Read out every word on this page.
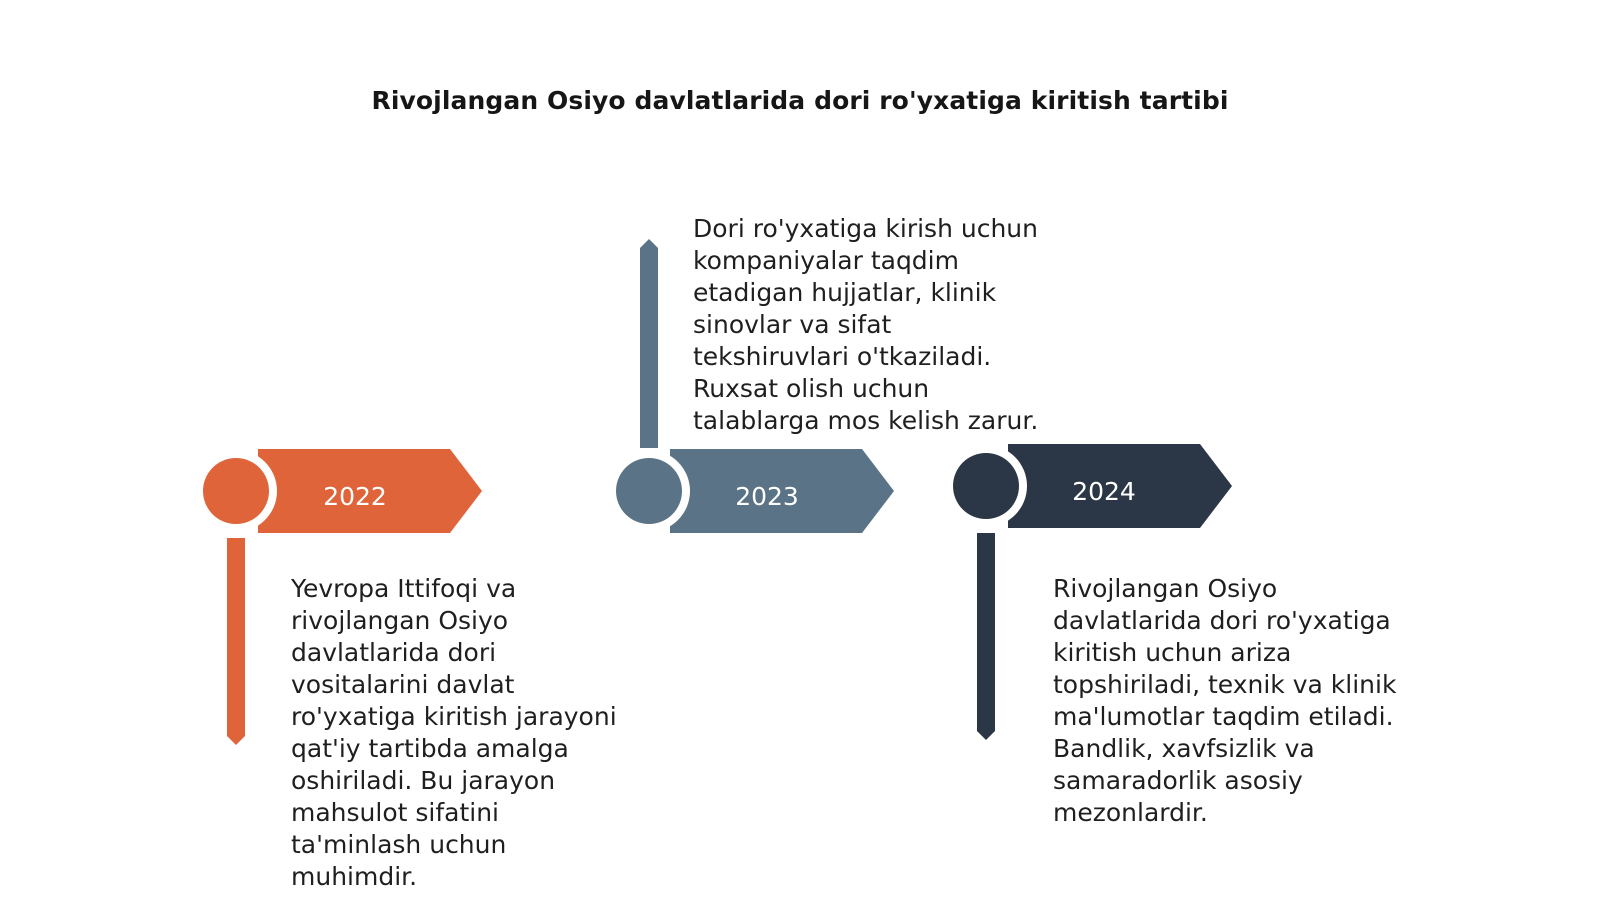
Rivojlangan Osiyo davlatlarida dori ro'yxatiga kiritish tartibi
2022	2023	2024
Yevropa Ittifoqi va rivojlangan Osiyo davlatlarida dori vositalarini davlat ro'yxatiga kiritish jarayoni qat'iy tartibda amalga oshiriladi. Bu jarayon mahsulot sifatini ta'minlash uchun muhimdir.
Dori ro'yxatiga kirish uchun kompaniyalar taqdim etadigan hujjatlar, klinik sinovlar va sifat tekshiruvlari o'tkaziladi. Ruxsat olish uchun talablarga mos kelish zarur.
Rivojlangan Osiyo davlatlarida dori ro'yxatiga kiritish uchun ariza topshiriladi, texnik va klinik ma'lumotlar taqdim etiladi. Bandlik, xavfsizlik va samaradorlik asosiy mezonlardir.
